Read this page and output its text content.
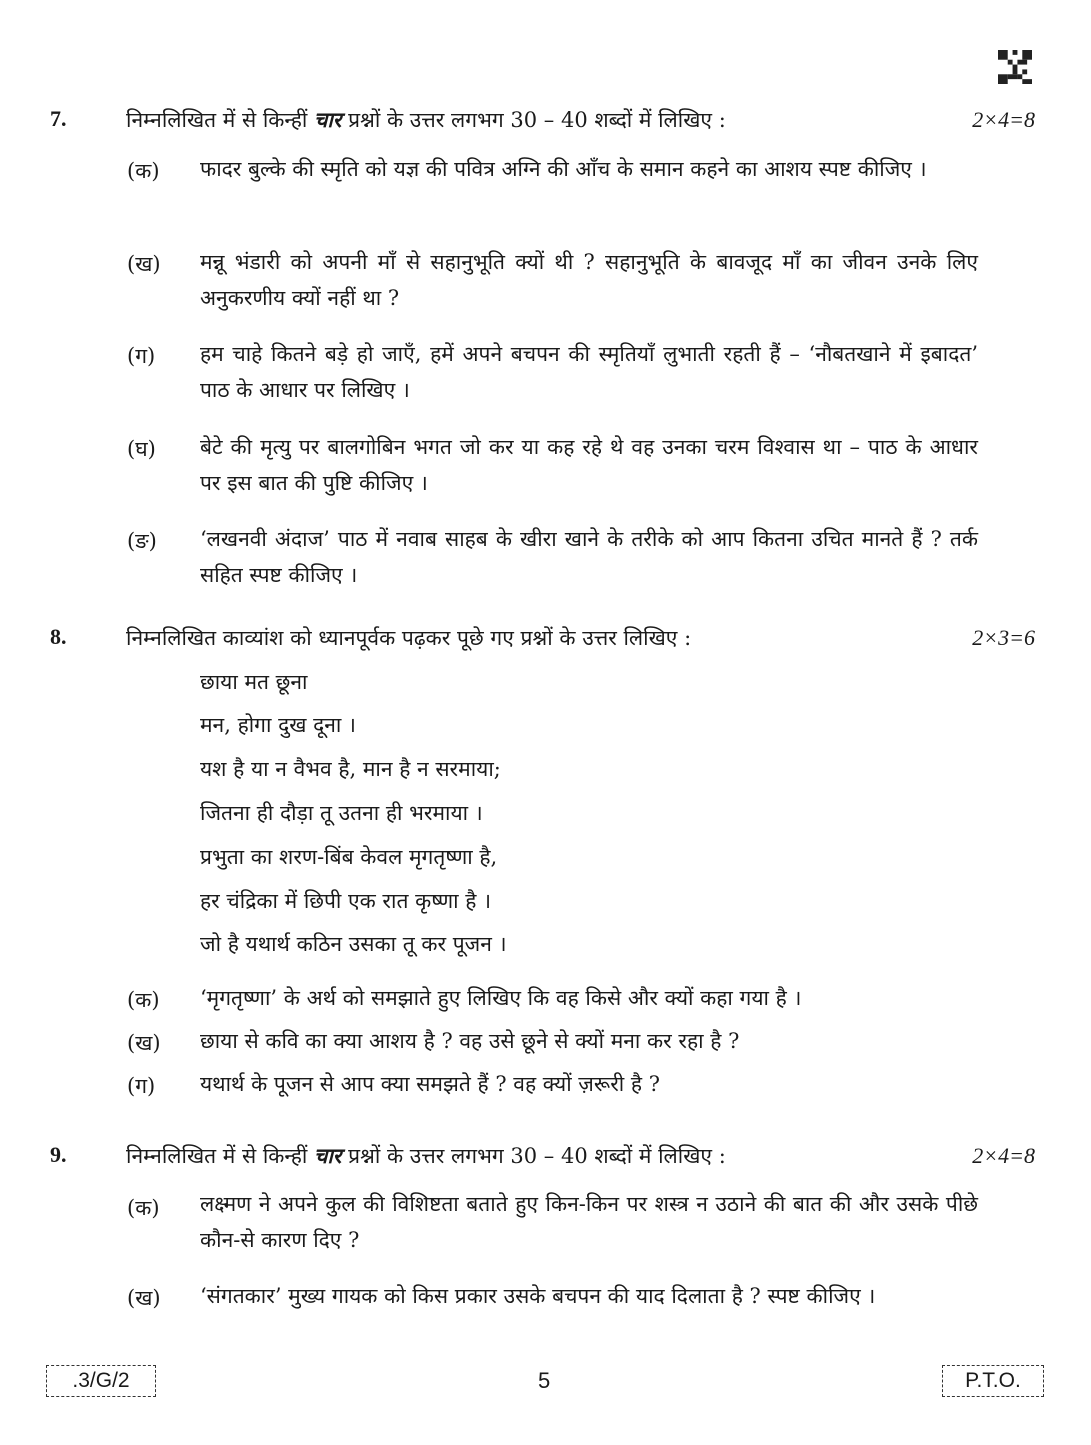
7.	निम्नलिखित में से किन्हीं चार प्रश्नों के उत्तर लगभग 30 – 40 शब्दों में लिखिए :	2×4=8
(क) फादर बुल्के की स्मृति को यज्ञ की पवित्र अग्नि की आँच के समान कहने का आशय स्पष्ट कीजिए ।
(ख) मन्नू भंडारी को अपनी माँ से सहानुभूति क्यों थी ? सहानुभूति के बावजूद माँ का जीवन उनके लिए अनुकरणीय क्यों नहीं था ?
(ग) हम चाहे कितने बड़े हो जाएँ, हमें अपने बचपन की स्मृतियाँ लुभाती रहती हैं – ‘नौबतखाने में इबादत’ पाठ के आधार पर लिखिए ।
(घ) बेटे की मृत्यु पर बालगोबिन भगत जो कर या कह रहे थे वह उनका चरम विश्वास था – पाठ के आधार पर इस बात की पुष्टि कीजिए ।
(ङ) ‘लखनवी अंदाज’ पाठ में नवाब साहब के खीरा खाने के तरीके को आप कितना उचित मानते हैं ? तर्क सहित स्पष्ट कीजिए ।
8.	निम्नलिखित काव्यांश को ध्यानपूर्वक पढ़कर पूछे गए प्रश्नों के उत्तर लिखिए :	2×3=6
छाया मत छूना
मन, होगा दुख दूना ।
यश है या न वैभव है, मान है न सरमाया;
जितना ही दौड़ा तू उतना ही भरमाया ।
प्रभुता का शरण-बिंब केवल मृगतृष्णा है,
हर चंद्रिका में छिपी एक रात कृष्णा है ।
जो है यथार्थ कठिन उसका तू कर पूजन ।
(क) ‘मृगतृष्णा’ के अर्थ को समझाते हुए लिखिए कि वह किसे और क्यों कहा गया है ।
(ख) छाया से कवि का क्या आशय है ? वह उसे छूने से क्यों मना कर रहा है ?
(ग) यथार्थ के पूजन से आप क्या समझते हैं ? वह क्यों ज़रूरी है ?
9.	निम्नलिखित में से किन्हीं चार प्रश्नों के उत्तर लगभग 30 – 40 शब्दों में लिखिए :	2×4=8
(क) लक्ष्मण ने अपने कुल की विशिष्टता बताते हुए किन-किन पर शस्त्र न उठाने की बात की और उसके पीछे कौन-से कारण दिए ?
(ख) ‘संगतकार’ मुख्य गायक को किस प्रकार उसके बचपन की याद दिलाता है ? स्पष्ट कीजिए ।
.3/G/2	5	P.T.O.
